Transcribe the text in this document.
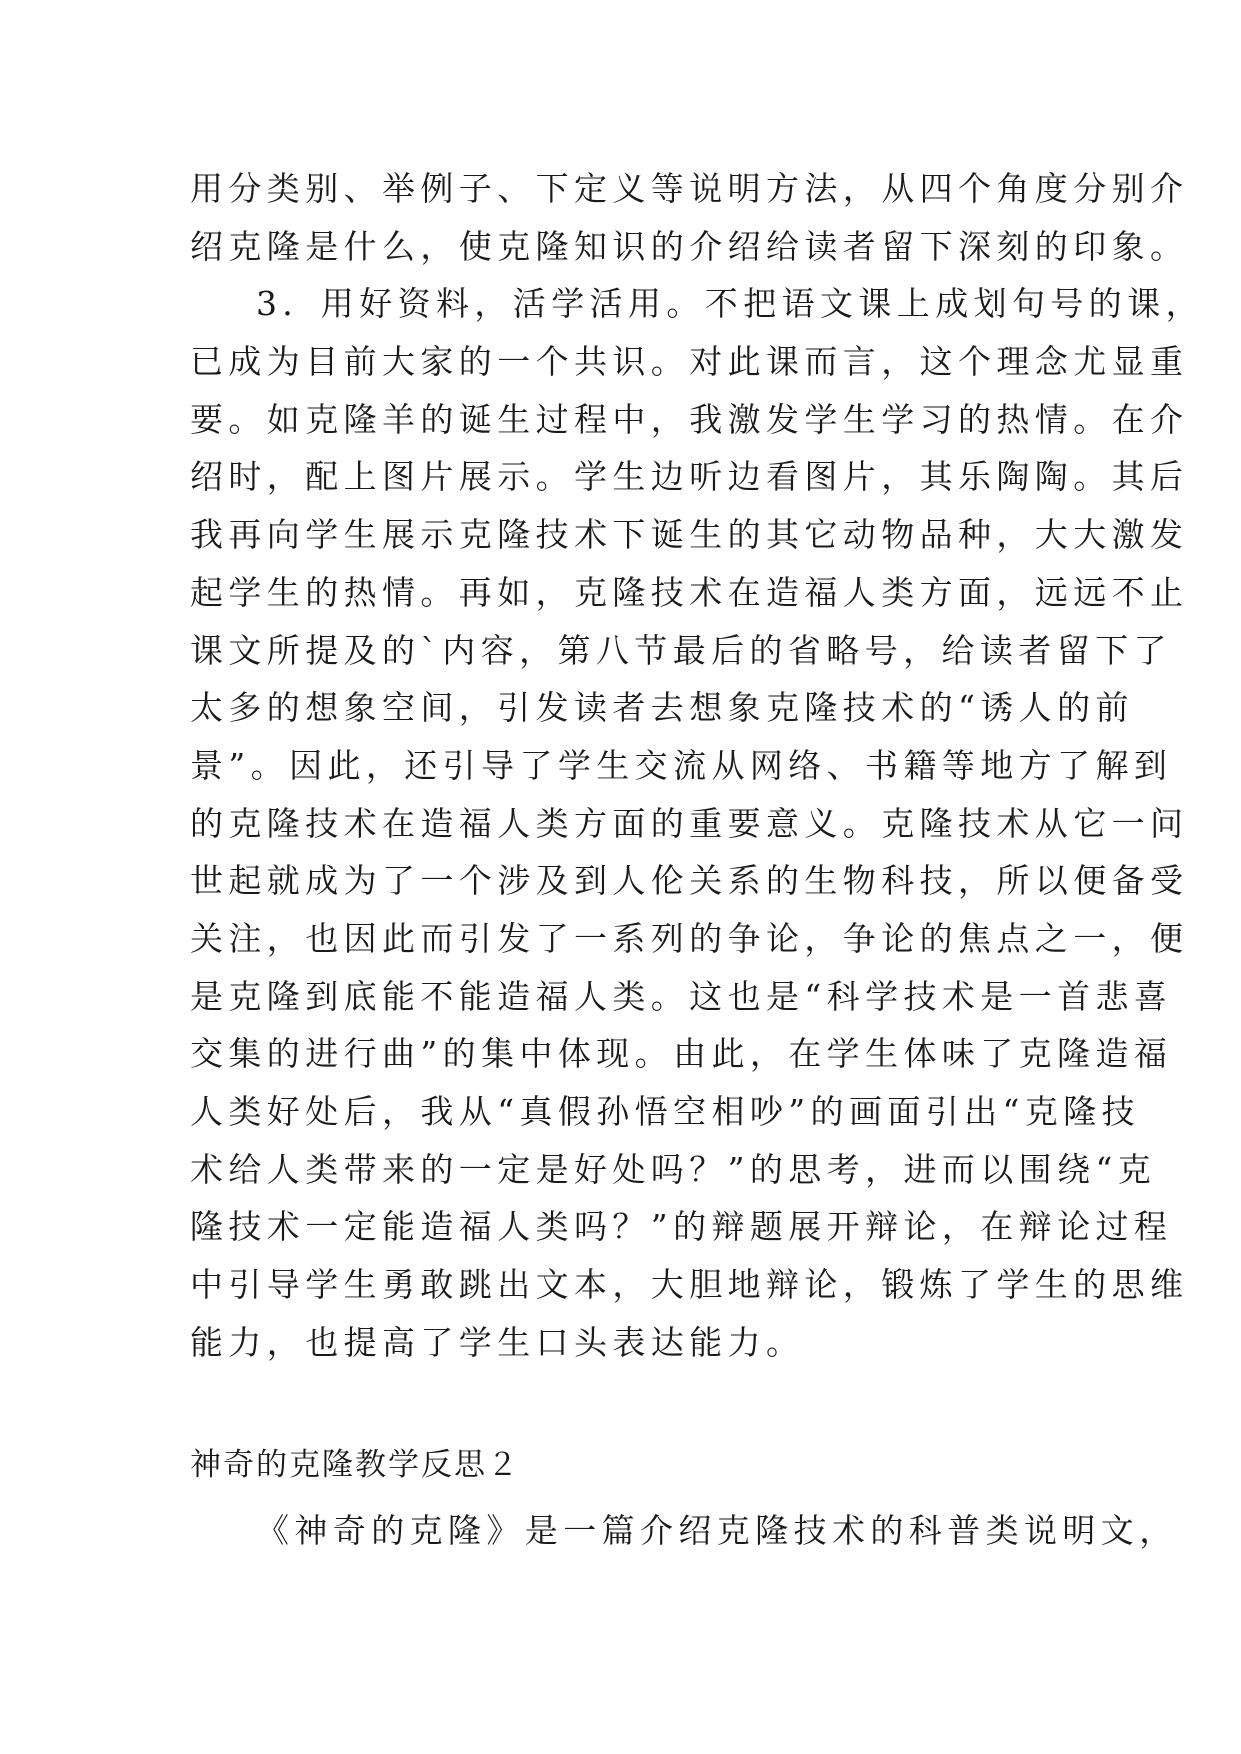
用分类别、举例子、下定义等说明方法，从四个角度分别介
绍克隆是什么，使克隆知识的介绍给读者留下深刻的印象。
3．用好资料，活学活用。不把语文课上成划句号的课，
已成为目前大家的一个共识。对此课而言，这个理念尤显重
要。如克隆羊的诞生过程中，我激发学生学习的热情。在介
绍时，配上图片展示。学生边听边看图片，其乐陶陶。其后
我再向学生展示克隆技术下诞生的其它动物品种，大大激发
起学生的热情。再如，克隆技术在造福人类方面，远远不止
课文所提及的`内容，第八节最后的省略号，给读者留下了
太多的想象空间，引发读者去想象克隆技术的“诱人的前
景”。因此，还引导了学生交流从网络、书籍等地方了解到
的克隆技术在造福人类方面的重要意义。克隆技术从它一问
世起就成为了一个涉及到人伦关系的生物科技，所以便备受
关注，也因此而引发了一系列的争论，争论的焦点之一，便
是克隆到底能不能造福人类。这也是“科学技术是一首悲喜
交集的进行曲”的集中体现。由此，在学生体味了克隆造福
人类好处后，我从“真假孙悟空相吵”的画面引出“克隆技
术给人类带来的一定是好处吗？”的思考，进而以围绕“克
隆技术一定能造福人类吗？”的辩题展开辩论，在辩论过程
中引导学生勇敢跳出文本，大胆地辩论，锻炼了学生的思维
能力，也提高了学生口头表达能力。
神奇的克隆教学反思２
《神奇的克隆》是一篇介绍克隆技术的科普类说明文，
